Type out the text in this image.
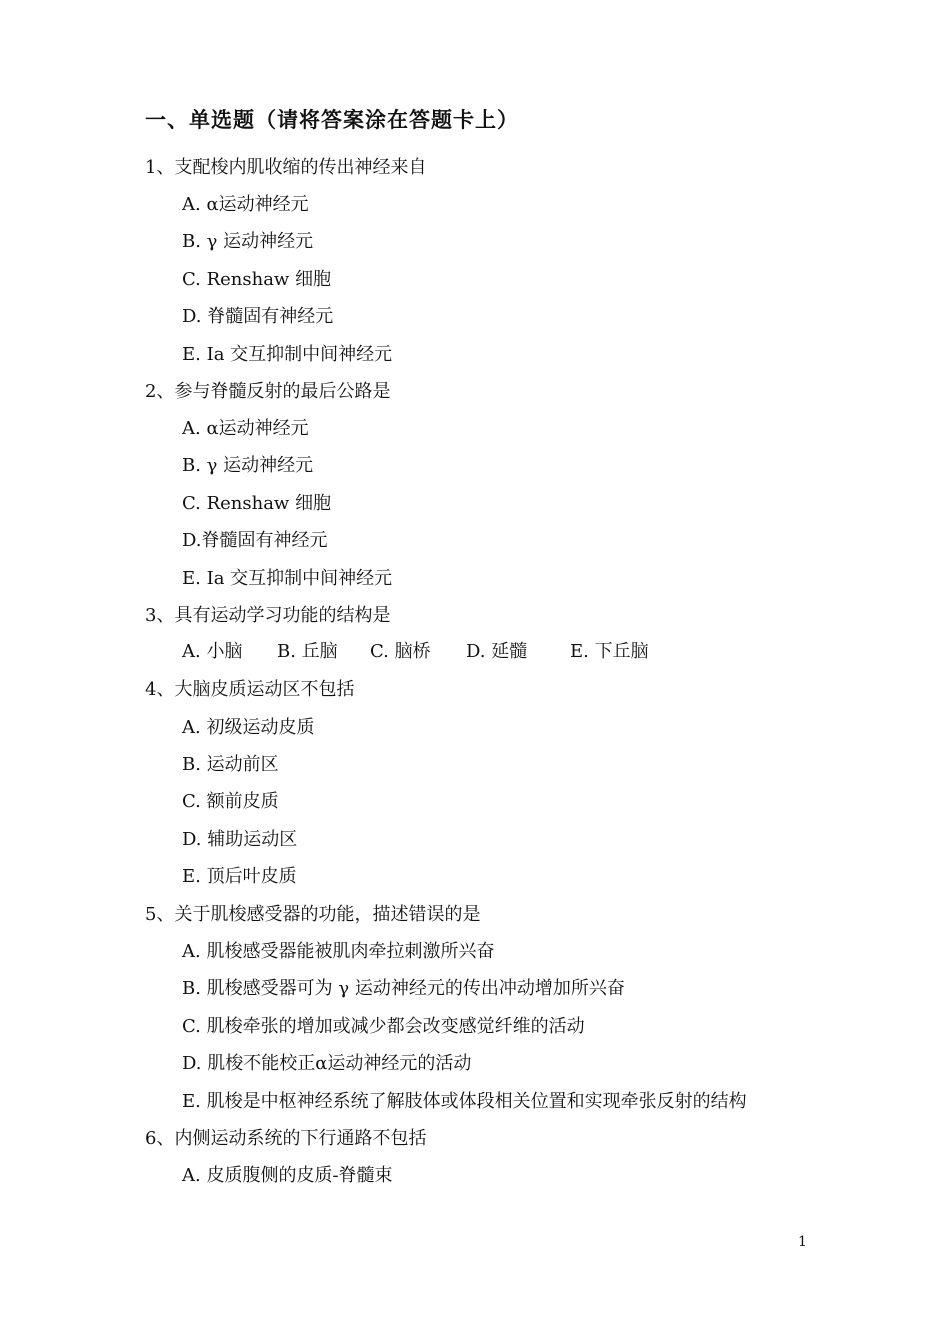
一、单选题（请将答案涂在答题卡上）
1、支配梭内肌收缩的传出神经来自
A. α运动神经元
B. γ 运动神经元
C. Renshaw 细胞
D. 脊髓固有神经元
E. Ia 交互抑制中间神经元
2、参与脊髓反射的最后公路是
A. α运动神经元
B. γ 运动神经元
C. Renshaw 细胞
D.脊髓固有神经元
E. Ia 交互抑制中间神经元
3、具有运动学习功能的结构是
A. 小脑 B. 丘脑 C. 脑桥 D. 延髓 E. 下丘脑
4、大脑皮质运动区不包括
A. 初级运动皮质
B. 运动前区
C. 额前皮质
D. 辅助运动区
E. 顶后叶皮质
5、关于肌梭感受器的功能，描述错误的是
A. 肌梭感受器能被肌肉牵拉刺激所兴奋
B. 肌梭感受器可为 γ 运动神经元的传出冲动增加所兴奋
C. 肌梭牵张的增加或减少都会改变感觉纤维的活动
D. 肌梭不能校正α运动神经元的活动
E. 肌梭是中枢神经系统了解肢体或体段相关位置和实现牵张反射的结构
6、内侧运动系统的下行通路不包括
A. 皮质腹侧的皮质-脊髓束
1
